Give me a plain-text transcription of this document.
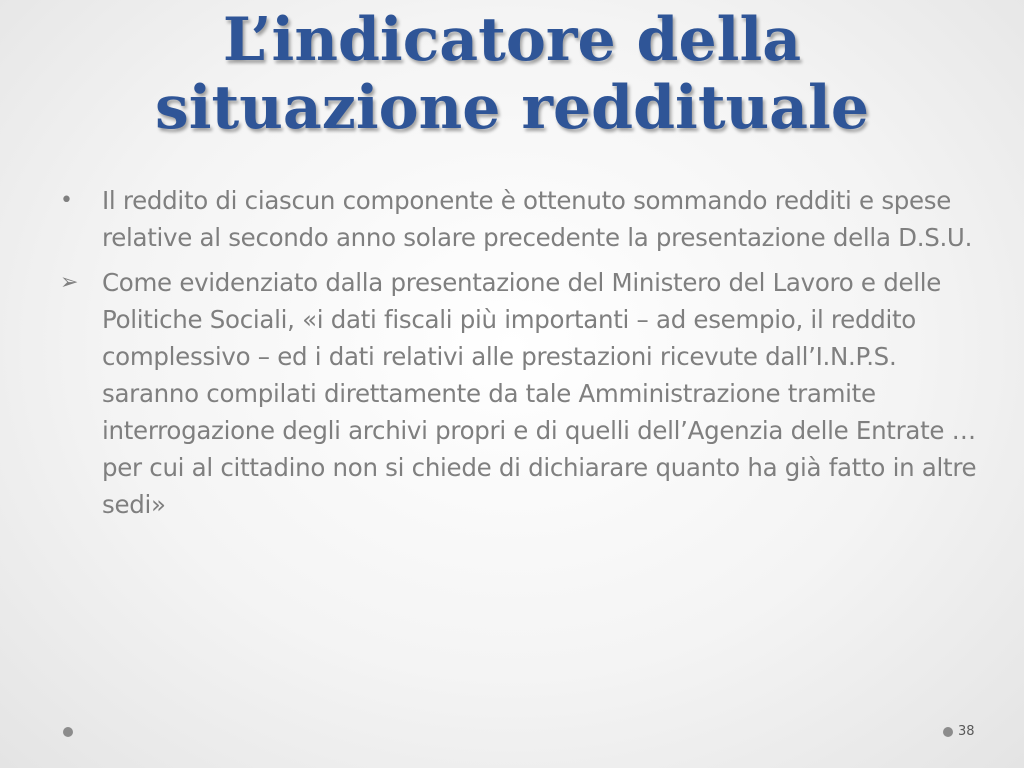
L’indicatore della
situazione reddituale
•	Il reddito di ciascun componente è ottenuto sommando redditi e spese relative al secondo anno solare precedente la presentazione della D.S.U.
➢ Come evidenziato dalla presentazione del Ministero del Lavoro e delle Politiche Sociali, «i dati fiscali più importanti – ad esempio, il reddito complessivo – ed i dati relativi alle prestazioni ricevute dall’I.N.P.S. saranno compilati direttamente da tale Amministrazione tramite interrogazione degli archivi propri e di quelli dell’Agenzia delle Entrate … per cui al cittadino non si chiede di dichiarare quanto ha già fatto in altre sedi»
38
